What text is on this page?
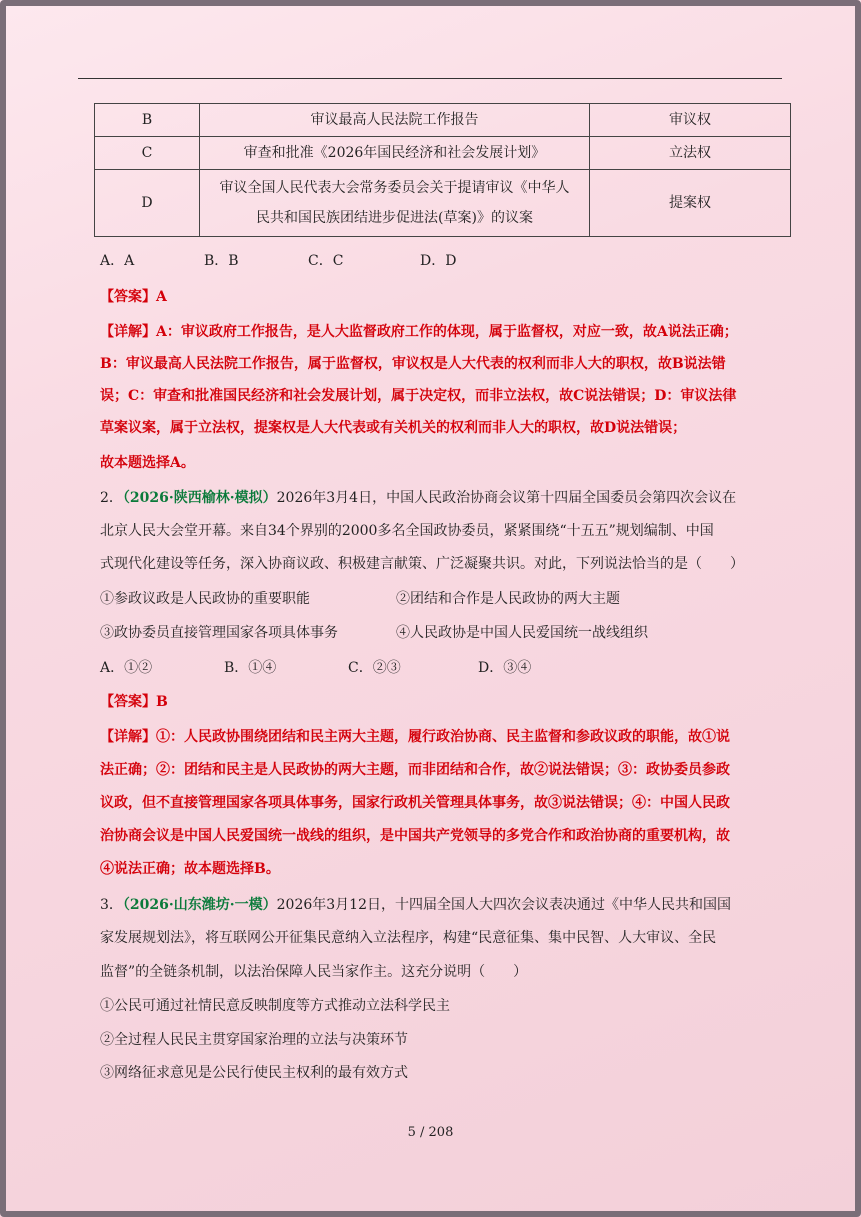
B	审议最高人民法院工作报告	审议权
C	审查和批准《2026年国民经济和社会发展计划》	立法权
D	审议全国人民代表大会常务委员会关于提请审议《中华人
民共和国民族团结进步促进法(草案)》的议案	提案权
A．A	B．B	C．C	D．D
【答案】A
【详解】A：审议政府工作报告，是人大监督政府工作的体现，属于监督权，对应一致，故A说法正确；
B：审议最高人民法院工作报告，属于监督权，审议权是人大代表的权利而非人大的职权，故B说法错
误；C：审查和批准国民经济和社会发展计划，属于决定权，而非立法权，故C说法错误；D：审议法律
草案议案，属于立法权，提案权是人大代表或有关机关的权利而非人大的职权，故D说法错误；
故本题选择A。
2．（2026·陕西榆林·模拟）2026年3月4日，中国人民政治协商会议第十四届全国委员会第四次会议在
北京人民大会堂开幕。来自34个界别的2000多名全国政协委员，紧紧围绕“十五五”规划编制、中国
式现代化建设等任务，深入协商议政、积极建言献策、广泛凝聚共识。对此，下列说法恰当的是（　　）
①参政议政是人民政协的重要职能	②团结和合作是人民政协的两大主题
③政协委员直接管理国家各项具体事务	④人民政协是中国人民爱国统一战线组织
A．①②	B．①④	C．②③	D．③④
【答案】B
【详解】①：人民政协围绕团结和民主两大主题，履行政治协商、民主监督和参政议政的职能，故①说
法正确；②：团结和民主是人民政协的两大主题，而非团结和合作，故②说法错误；③：政协委员参政
议政，但不直接管理国家各项具体事务，国家行政机关管理具体事务，故③说法错误；④：中国人民政
治协商会议是中国人民爱国统一战线的组织，是中国共产党领导的多党合作和政治协商的重要机构，故
④说法正确；故本题选择B。
3．（2026·山东潍坊·一模）2026年3月12日，十四届全国人大四次会议表决通过《中华人民共和国国
家发展规划法》，将互联网公开征集民意纳入立法程序，构建“民意征集、集中民智、人大审议、全民
监督”的全链条机制，以法治保障人民当家作主。这充分说明（　　）
①公民可通过社情民意反映制度等方式推动立法科学民主
②全过程人民民主贯穿国家治理的立法与决策环节
③网络征求意见是公民行使民主权利的最有效方式
5 / 208
